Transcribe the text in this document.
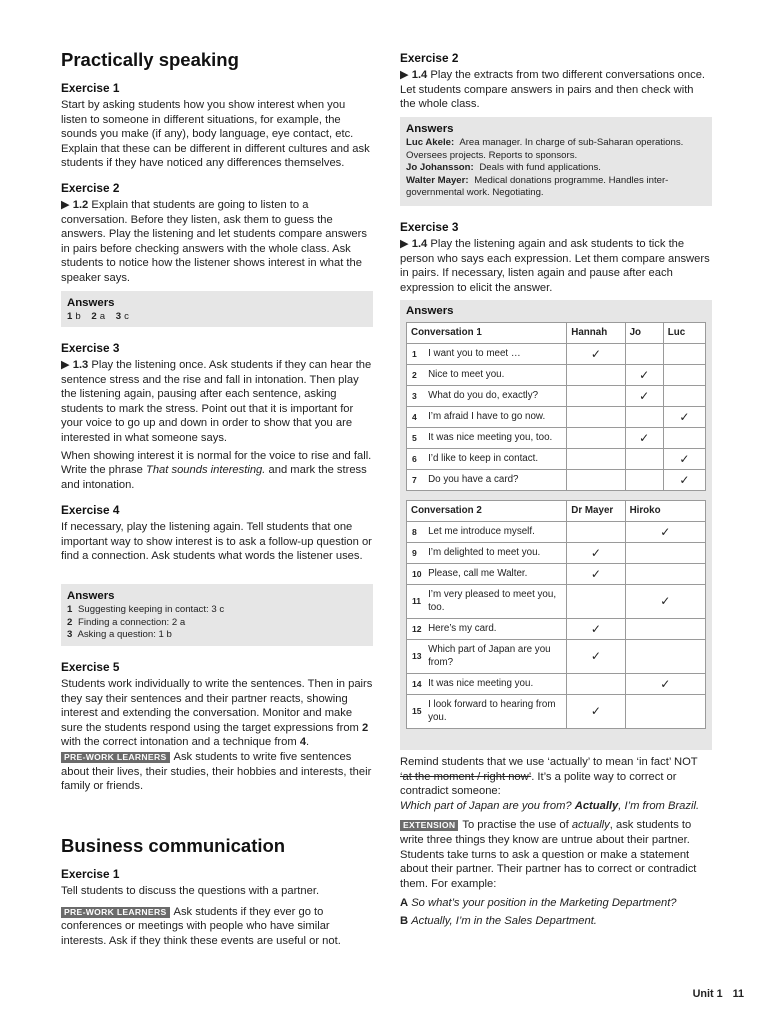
Practically speaking
Exercise 1

Start by asking students how you show interest when you listen to someone in different situations, for example, the sounds you make (if any), body language, eye contact, etc. Explain that these can be different in different cultures and ask students if they have noticed any differences themselves.

Exercise 2

▶ 1.2 Explain that students are going to listen to a conversation. Before they listen, ask them to guess the answers. Play the listening and let students compare answers in pairs before checking answers with the whole class. Ask students to notice how the listener shows interest in what the speaker says.

Answers
1 b 2 a 3 c
Exercise 3

▶ 1.3 Play the listening once. Ask students if they can hear the sentence stress and the rise and fall in intonation. Then play the listening again, pausing after each sentence, asking students to mark the stress. Point out that it is important for your voice to go up and down in order to show that you are interested in what someone says.

When showing interest it is normal for the voice to rise and fall. Write the phrase That sounds interesting. and mark the stress and intonation.

Exercise 4

If necessary, play the listening again. Tell students that one important way to show interest is to ask a follow-up question or find a connection. Ask students what words the listener uses.

Answers
1 Suggesting keeping in contact: 3 c
2 Finding a connection: 2 a
3 Asking a question: 1 b
Exercise 5

Students work individually to write the sentences. Then in pairs they say their sentences and their partner reacts, showing interest and extending the conversation. Monitor and make sure the students respond using the target expressions from 2 with the correct intonation and a technique from 4.

PRE-WORK LEARNERS Ask students to write five sentences about their lives, their studies, their hobbies and interests, their family or friends.

Business communication
Exercise 1

Tell students to discuss the questions with a partner.

PRE-WORK LEARNERS Ask students if they ever go to conferences or meetings with people who have similar interests. Ask if they think these events are useful or not.

Exercise 2

▶ 1.4 Play the extracts from two different conversations once. Let students compare answers in pairs and then check with the whole class.

Answers
Luc Akele: Area manager. In charge of sub-Saharan operations. Oversees projects. Reports to sponsors.
Jo Johansson: Deals with fund applications.
Walter Mayer: Medical donations programme. Handles inter-governmental work. Negotiating.
Exercise 3

▶ 1.4 Play the listening again and ask students to tick the person who says each expression. Let them compare answers in pairs. If necessary, listen again and pause after each expression to elicit the answer.

Answers
Conversation 1		Hannah	Jo	Luc
1	I want you to meet …	✓		
2	Nice to meet you.		✓	
3	What do you do, exactly?		✓	
4	I’m afraid I have to go now.			✓
5	It was nice meeting you, too.		✓	
6	I’d like to keep in contact.			✓
7	Do you have a card?			✓
Conversation 2		Dr Mayer	Hiroko
8	Let me introduce myself.		✓
9	I’m delighted to meet you.	✓	
10	Please, call me Walter.	✓	
11	I’m very pleased to meet you, too.		✓
12	Here’s my card.	✓	
13	Which part of Japan are you from?	✓	
14	It was nice meeting you.		✓
15	I look forward to hearing from you.	✓	

Remind students that we use ‘actually’ to mean ‘in fact’ NOT ‘at the moment / right now’. It’s a polite way to correct or contradict someone:

Which part of Japan are you from? Actually, I’m from Brazil.

EXTENSION To practise the use of actually, ask students to write three things they know are untrue about their partner. Students take turns to ask a question or make a statement about their partner. Their partner has to correct or contradict them. For example:

A So what’s your position in the Marketing Department?

B Actually, I’m in the Sales Department.

Unit 1 11
